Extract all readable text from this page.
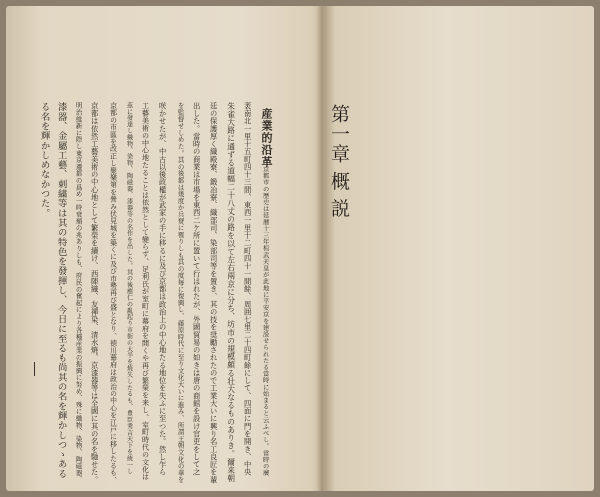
産業的沿革
京都市の歴史は延暦十三年桓武天皇が此地に平安京を建設せられたる當時に始まると云ふべし。當時の廣
袤南北一里十五町四十三間、東西一里十二町四十一間餘、周囲七里二十四町餘にして、四面に門を開き、中央
朱雀大路に通ずる道幅二十八丈の路を以て左右兩京に分ち、坊市の規模頗る壮大なるものありき。爾来朝
廷の保護厚く織殿寮、鍛冶寮、織部司、染部司等を置き、其の技を奨勵されたので工業大いに興り名工良匠を輩
出した。當時の商業は市場を東西二ケ所に置いて行はれたが、外國貿易の如きは唐の商館を設け官吏をして之
を監督せしめた。其の後都は幾度か兵燹に罹りしも其の度毎に復興し、藤原時代に至り文化大いに進み、所謂王朝文化の華を
咲かせたが、中古以後政權が武家の手に移るに及び京都は政治上の中心地たる地位を失ふに至つた。然し乍ら
工藝美術の中心地たることは依然として變らず、足利氏が室町に幕府を開くや再び繁榮を来し、室町時代の文化は
茲に發達し織物、染物、陶磁器、漆器等の名作を出した。其の後應仁の亂起り市街の大半を焼失したるも、豊臣秀吉天下を統一し
京都の市區を改正し聚樂第を營み伏見城を築くに及び市勢再び盛となり、徳川幕府は政治の中心を江戸に移したるも、
京都は依然工藝美術の中心地として繁榮を續け、西陣織、友禪染、清水焼、京漆器等は全國に其の名を馳せた。
明治維新に際し東京遷都の爲め一時衰頽の兆ありしも、府民の奮起により各種産業の振興に努め、殊に織物、染物、陶磁器、
漆器、金屬工藝、刺繍等は其の特色を發揮し、今日に至るも尚其の名を輝かしつゝある
る名を輝かしめなかつた。	第一章 概 説
